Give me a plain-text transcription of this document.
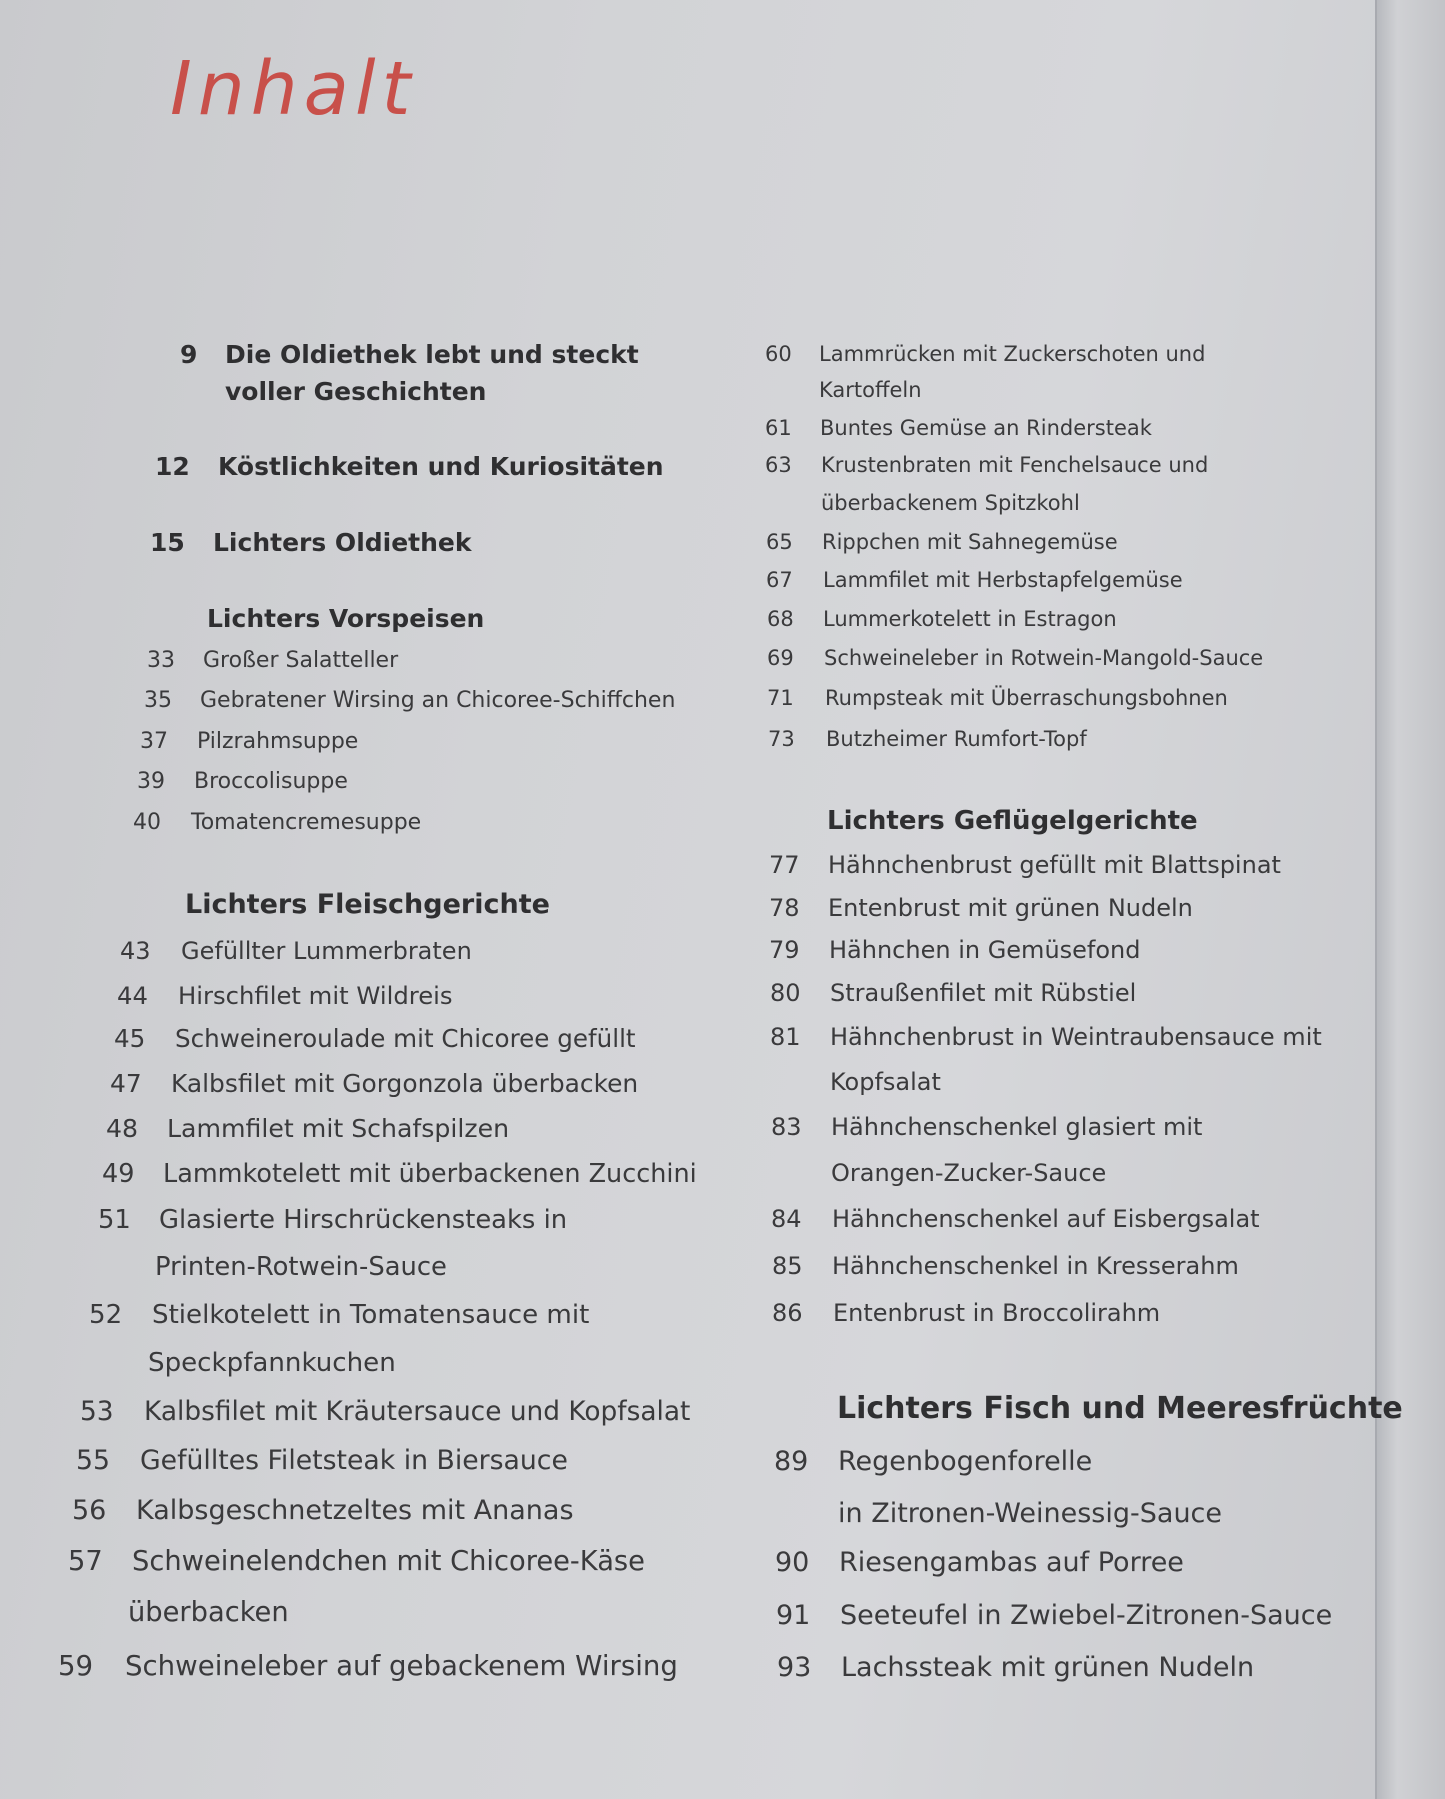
Inhalt
9 Die Oldiethek lebt und steckt
voller Geschichten
12 Köstlichkeiten und Kuriositäten
15 Lichters Oldiethek
Lichters Vorspeisen
Lichters Fleischgerichte
33 Großer Salatteller
35 Gebratener Wirsing an Chicoree-Schiffchen
37 Pilzrahmsuppe
39 Broccolisuppe
40 Tomatencremesuppe
43 Gefüllter Lummerbraten
44 Hirschfilet mit Wildreis
45 Schweineroulade mit Chicoree gefüllt
47 Kalbsfilet mit Gorgonzola überbacken
48 Lammfilet mit Schafspilzen
49 Lammkotelett mit überbackenen Zucchini
51 Glasierte Hirschrückensteaks in
Printen-Rotwein-Sauce
52 Stielkotelett in Tomatensauce mit
Speckpfannkuchen
53 Kalbsfilet mit Kräutersauce und Kopfsalat
55 Gefülltes Filetsteak in Biersauce
56 Kalbsgeschnetzeltes mit Ananas
57 Schweinelendchen mit Chicoree-Käse
überbacken
59 Schweineleber auf gebackenem Wirsing
60 Lammrücken mit Zuckerschoten und
Kartoffeln
61 Buntes Gemüse an Rindersteak
63 Krustenbraten mit Fenchelsauce und
überbackenem Spitzkohl
65 Rippchen mit Sahnegemüse
67 Lammfilet mit Herbstapfelgemüse
68 Lummerkotelett in Estragon
69 Schweineleber in Rotwein-Mangold-Sauce
71 Rumpsteak mit Überraschungsbohnen
73 Butzheimer Rumfort-Topf
Lichters Geflügelgerichte
77 Hähnchenbrust gefüllt mit Blattspinat
78 Entenbrust mit grünen Nudeln
79 Hähnchen in Gemüsefond
80 Straußenfilet mit Rübstiel
81 Hähnchenbrust in Weintraubensauce mit
Kopfsalat
83 Hähnchenschenkel glasiert mit
Orangen-Zucker-Sauce
84 Hähnchenschenkel auf Eisbergsalat
85 Hähnchenschenkel in Kresserahm
86 Entenbrust in Broccolirahm
Lichters Fisch und Meeresfrüchte
89 Regenbogenforelle
in Zitronen-Weinessig-Sauce
90 Riesengambas auf Porree
91 Seeteufel in Zwiebel-Zitronen-Sauce
93 Lachssteak mit grünen Nudeln
